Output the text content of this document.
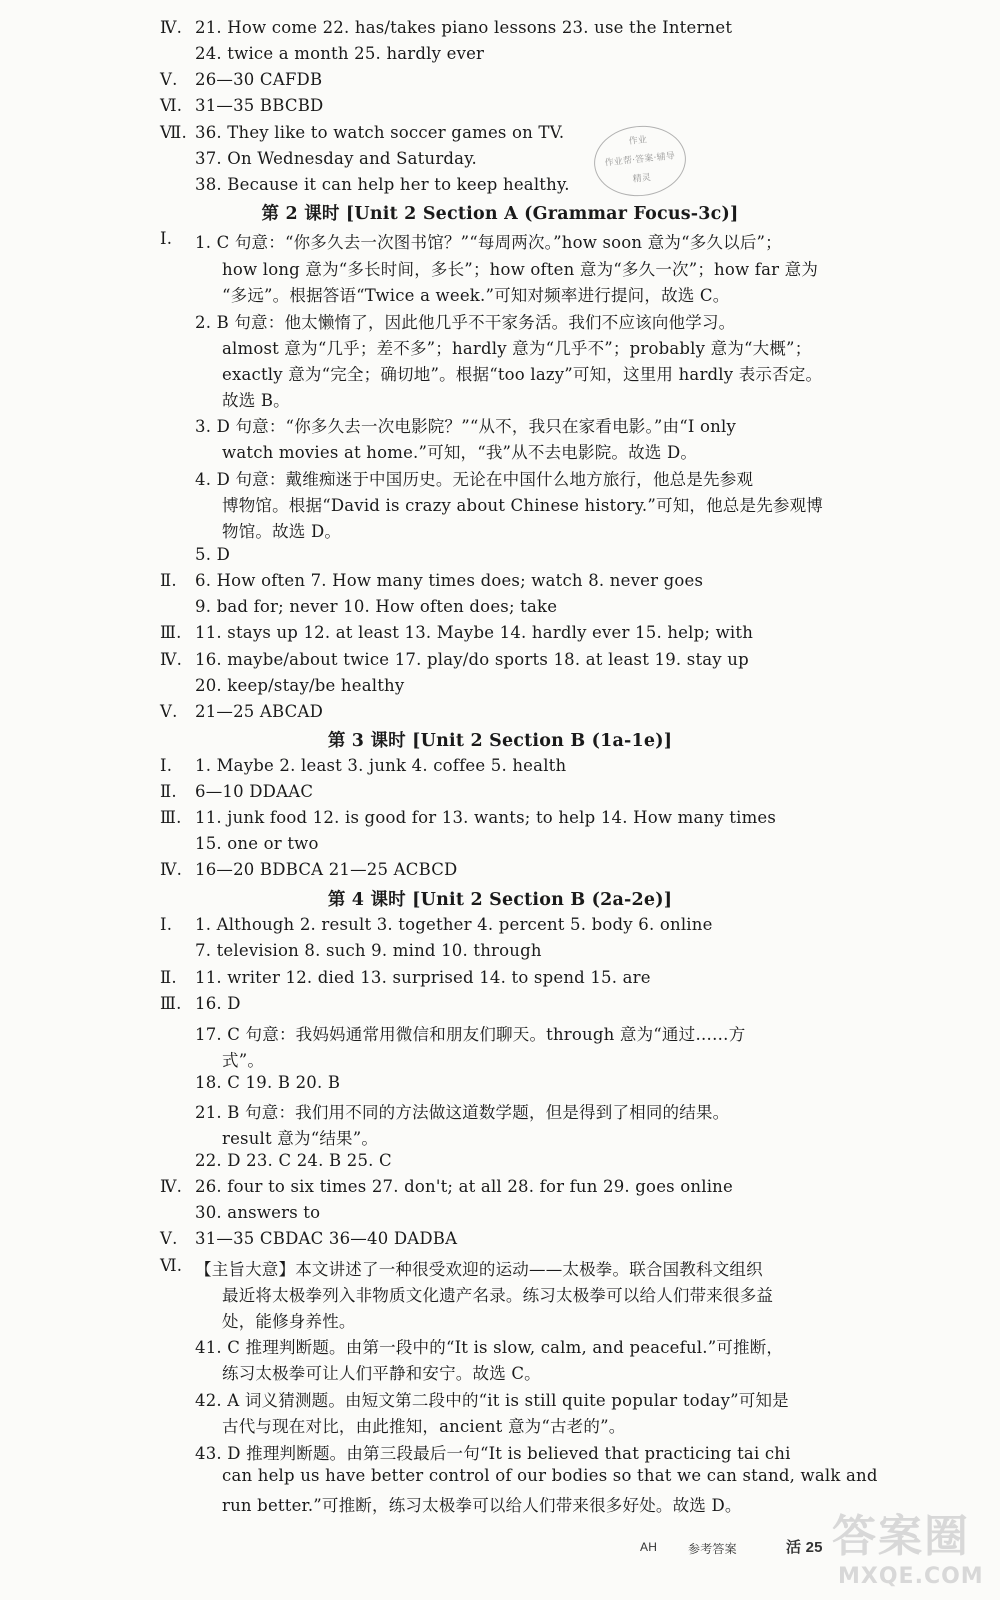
Ⅳ. 21. How come 22. has/takes piano lessons 23. use the Internet
24. twice a month 25. hardly ever
Ⅴ. 26—30 CAFDB
Ⅵ. 31—35 BBCBD
Ⅶ. 36. They like to watch soccer games on TV.
37. On Wednesday and Saturday.
38. Because it can help her to keep healthy.
第 2 课时 [Unit 2 Section A (Grammar Focus-3c)]
Ⅰ. 1. C 句意：“你多久去一次图书馆？”“每周两次。”how soon 意为“多久以后”；
how long 意为“多长时间，多长”；how often 意为“多久一次”；how far 意为
“多远”。根据答语“Twice a week.”可知对频率进行提问，故选 C。
2. B 句意：他太懒惰了，因此他几乎不干家务活。我们不应该向他学习。
almost 意为“几乎；差不多”；hardly 意为“几乎不”；probably 意为“大概”；
exactly 意为“完全；确切地”。根据“too lazy”可知，这里用 hardly 表示否定。
故选 B。
3. D 句意：“你多久去一次电影院？”“从不，我只在家看电影。”由“I only
watch movies at home.”可知，“我”从不去电影院。故选 D。
4. D 句意：戴维痴迷于中国历史。无论在中国什么地方旅行，他总是先参观
博物馆。根据“David is crazy about Chinese history.”可知，他总是先参观博
物馆。故选 D。
5. D
Ⅱ. 6. How often 7. How many times does; watch 8. never goes
9. bad for; never 10. How often does; take
Ⅲ. 11. stays up 12. at least 13. Maybe 14. hardly ever 15. help; with
Ⅳ. 16. maybe/about twice 17. play/do sports 18. at least 19. stay up
20. keep/stay/be healthy
Ⅴ. 21—25 ABCAD
第 3 课时 [Unit 2 Section B (1a-1e)]
Ⅰ. 1. Maybe 2. least 3. junk 4. coffee 5. health
Ⅱ. 6—10 DDAAC
Ⅲ. 11. junk food 12. is good for 13. wants; to help 14. How many times
15. one or two
Ⅳ. 16—20 BDBCA 21—25 ACBCD
第 4 课时 [Unit 2 Section B (2a-2e)]
Ⅰ. 1. Although 2. result 3. together 4. percent 5. body 6. online
7. television 8. such 9. mind 10. through
Ⅱ. 11. writer 12. died 13. surprised 14. to spend 15. are
Ⅲ. 16. D
17. C 句意：我妈妈通常用微信和朋友们聊天。through 意为“通过……方
式”。
18. C 19. B 20. B
21. B 句意：我们用不同的方法做这道数学题，但是得到了相同的结果。
result 意为“结果”。
22. D 23. C 24. B 25. C
Ⅳ. 26. four to six times 27. don't; at all 28. for fun 29. goes online
30. answers to
Ⅴ. 31—35 CBDAC 36—40 DADBA
Ⅵ. 【主旨大意】本文讲述了一种很受欢迎的运动——太极拳。联合国教科文组织
最近将太极拳列入非物质文化遗产名录。练习太极拳可以给人们带来很多益
处，能修身养性。
41. C 推理判断题。由第一段中的“It is slow, calm, and peaceful.”可推断，
练习太极拳可让人们平静和安宁。故选 C。
42. A 词义猜测题。由短文第二段中的“it is still quite popular today”可知是
古代与现在对比，由此推知，ancient 意为“古老的”。
43. D 推理判断题。由第三段最后一句“It is believed that practicing tai chi
can help us have better control of our bodies so that we can stand, walk and
run better.”可推断，练习太极拳可以给人们带来很多好处。故选 D。
作业
作业帮·答案·辅导
精灵
AH	参考答案	活 25 答案圈
MXQE.COM
